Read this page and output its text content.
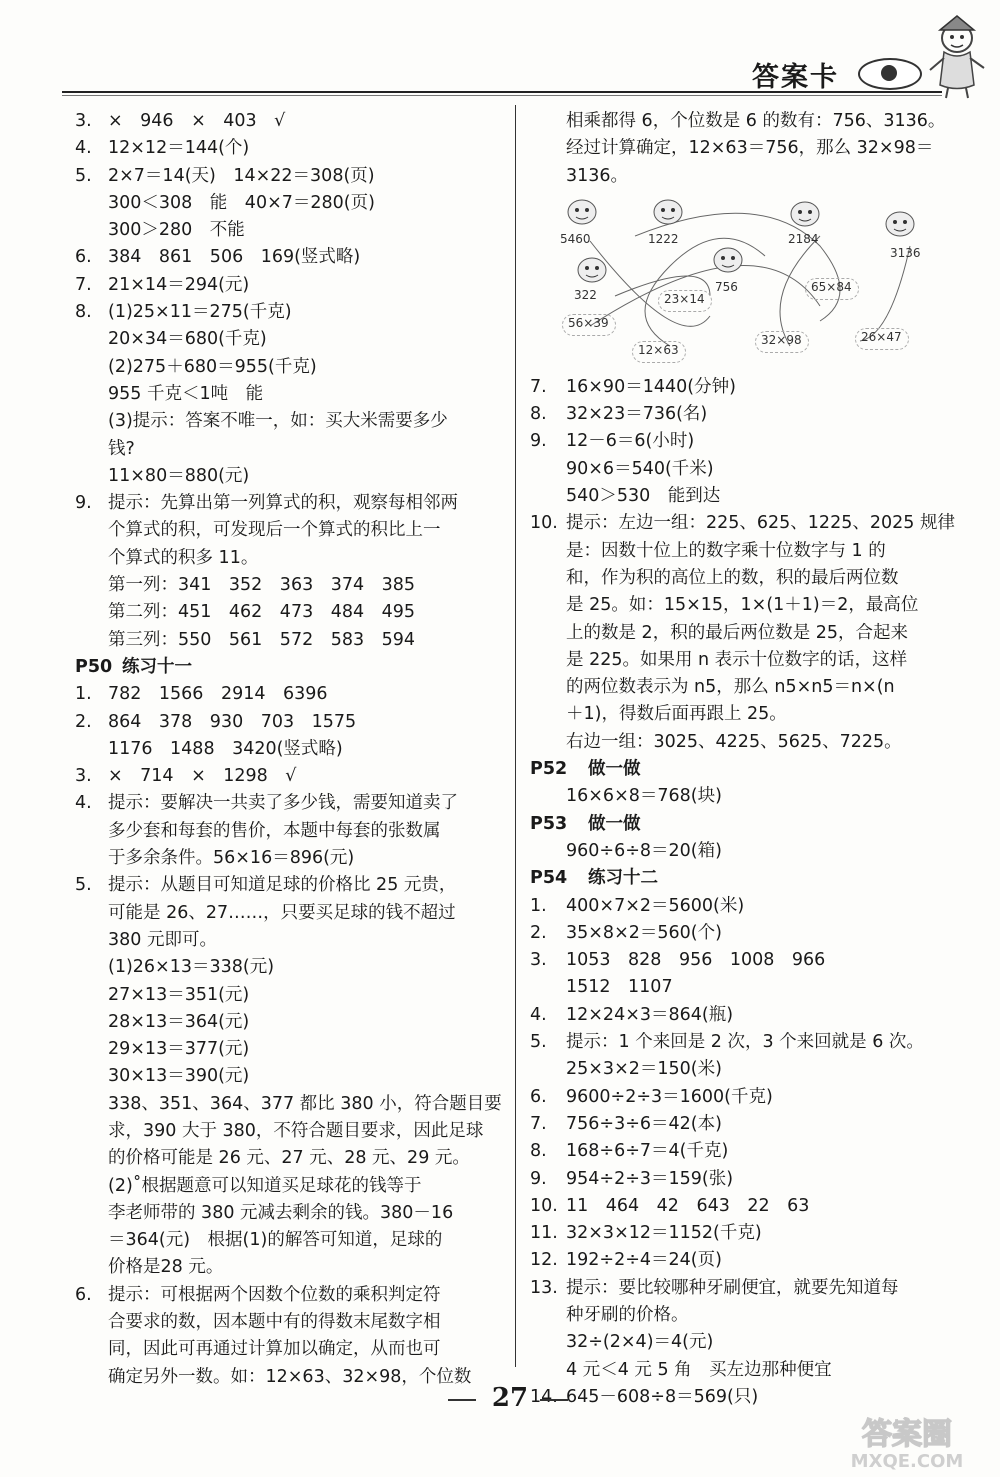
答案卡
3. ×　946　×　403　√
4. 12×12＝144(个)
5. 2×7＝14(天)　14×22＝308(页)
300＜308　能　40×7＝280(页)
300＞280　不能
6. 384　861　506　169(竖式略)
7. 21×14＝294(元)
8. (1)25×11＝275(千克)
20×34＝680(千克)
(2)275＋680＝955(千克)
955 千克＜1吨　能
(3)提示：答案不唯一，如：买大米需要多少
钱?
11×80＝880(元)
9. 提示：先算出第一列算式的积，观察每相邻两
个算式的积，可发现后一个算式的积比上一
个算式的积多 11。
第一列：341　352　363　374　385
第二列：451　462　473　484　495
第三列：550　561　572　583　594
P50 练习十一
1. 782　1566　2914　6396
2. 864　378　930　703　1575
1176　1488　3420(竖式略)
3. ×　714　×　1298　√
4. 提示：要解决一共卖了多少钱，需要知道卖了
多少套和每套的售价，本题中每套的张数属
于多余条件。56×16＝896(元)
5. 提示：从题目可知道足球的价格比 25 元贵，
可能是 26、27……，只要买足球的钱不超过
380 元即可。
(1)26×13＝338(元)
27×13＝351(元)
28×13＝364(元)
29×13＝377(元)
30×13＝390(元)
338、351、364、377 都比 380 小，符合题目要
求，390 大于 380，不符合题目要求，因此足球
的价格可能是 26 元、27 元、28 元、29 元。
(2)˚根据题意可以知道买足球花的钱等于
李老师带的 380 元减去剩余的钱。380－16
＝364(元)　根据(1)的解答可知道，足球的
价格是28 元。
6. 提示：可根据两个因数个位数的乘积判定符
合要求的数，因本题中有的得数末尾数字相
同，因此可再通过计算加以确定，从而也可
确定另外一数。如：12×63、32×98，个位数
相乘都得 6，个位数是 6 的数有：756、3136。
经过计算确定，12×63＝756，那么 32×98＝
3136。
5460	1222
756
2184
3136
322	23×14
65×84
56×39
12×63
32×98	26×47
7. 16×90＝1440(分钟)
8. 32×23＝736(名)
9. 12－6＝6(小时)
90×6＝540(千米)
540＞530　能到达
10. 提示：左边一组：225、625、1225、2025 规律
是：因数十位上的数字乘十位数字与 1 的
和，作为积的高位上的数，积的最后两位数
是 25。如：15×15，1×(1＋1)＝2，最高位
上的数是 2，积的最后两位数是 25，合起来
是 225。如果用 n 表示十位数字的话，这样
的两位数表示为 n5，那么 n5×n5＝n×(n
＋1)，得数后面再跟上 25。
右边一组：3025、4225、5625、7225。
P52 做一做
16×6×8＝768(块)
P53 做一做
960÷6÷8＝20(箱)
P54 练习十二
1. 400×7×2＝5600(米)
2. 35×8×2＝560(个)
3. 1053　828　956　1008　966
1512　1107
4. 12×24×3＝864(瓶)
5. 提示：1 个来回是 2 次，3 个来回就是 6 次。
25×3×2＝150(米)
6. 9600÷2÷3＝1600(千克)
7. 756÷3÷6＝42(本)
8. 168÷6÷7＝4(千克)
9. 954÷2÷3＝159(张)
10. 11　464　42　643　22　63
11. 32×3×12＝1152(千克)
12. 192÷2÷4＝24(页)
13. 提示：要比较哪种牙刷便宜，就要先知道每
种牙刷的价格。
32÷(2×4)＝4(元)
4 元＜4 元 5 角　买左边那种便宜
14. 645－608÷8＝569(只)
27
答案圈
MXQE.COM
